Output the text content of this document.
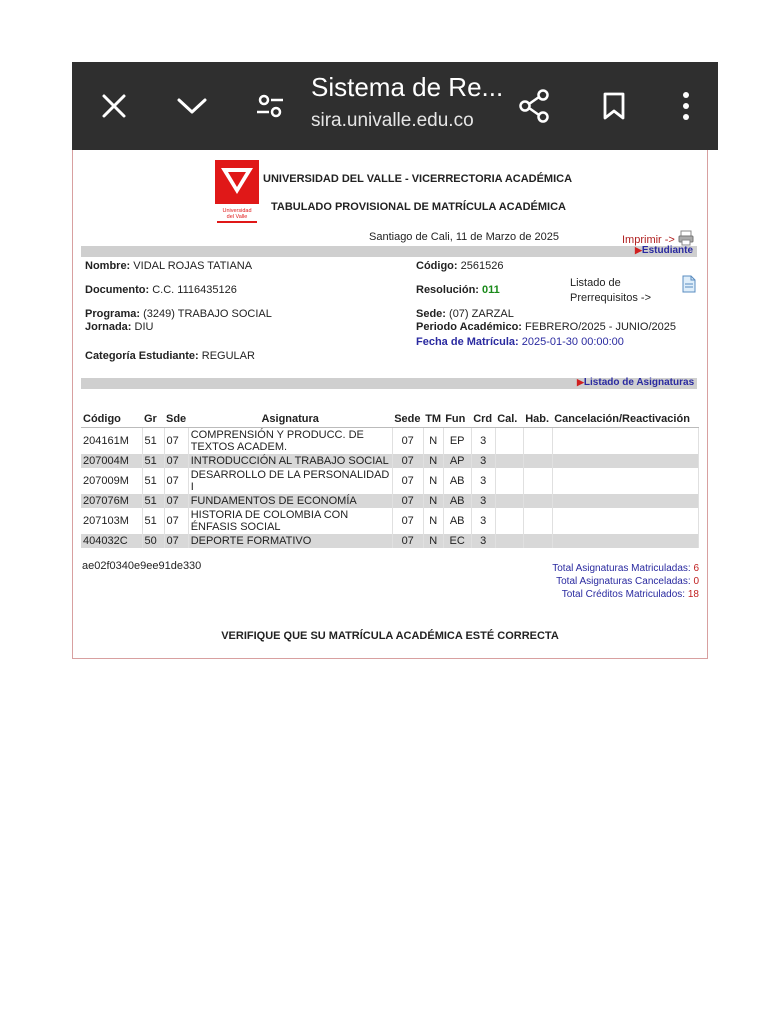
Sistema de Re...
sira.univalle.edu.co
Universidad
del Valle
UNIVERSIDAD DEL VALLE - VICERRECTORIA ACADÉMICA
TABULADO PROVISIONAL DE MATRÍCULA ACADÉMICA
Santiago de Cali, 11 de Marzo de 2025	Imprimir ->
▶Estudiante
Nombre: VIDAL ROJAS TATIANA	Código: 2561526
Documento: C.C. 1116435126	Resolución: 011
Listado de
Prerrequisitos ->
Programa: (3249) TRABAJO SOCIAL
Jornada: DIU
Sede: (07) ZARZAL
Periodo Académico: FEBRERO/2025 - JUNIO/2025
Fecha de Matrícula: 2025-01-30 00:00:00
Categoría Estudiante: REGULAR
▶Listado de Asignaturas
Código	Gr	Sde	Asignatura	Sede	TM	Fun	Crd	Cal.	Hab.	Cancelación/Reactivación
204161M	51	07	COMPRENSIÓN Y PRODUCC. DE TEXTOS ACADEM.	07	N	EP	3			
207004M	51	07	INTRODUCCIÓN AL TRABAJO SOCIAL	07	N	AP	3			
207009M	51	07	DESARROLLO DE LA PERSONALIDAD I	07	N	AB	3			
207076M	51	07	FUNDAMENTOS DE ECONOMÍA	07	N	AB	3			
207103M	51	07	HISTORIA DE COLOMBIA CON ÉNFASIS SOCIAL	07	N	AB	3			
404032C	50	07	DEPORTE FORMATIVO	07	N	EC	3			
ae02f0340e9ee91de330	Total Asignaturas Matriculadas: 6
Total Asignaturas Canceladas: 0
Total Créditos Matriculados: 18
VERIFIQUE QUE SU MATRÍCULA ACADÉMICA ESTÉ CORRECTA
